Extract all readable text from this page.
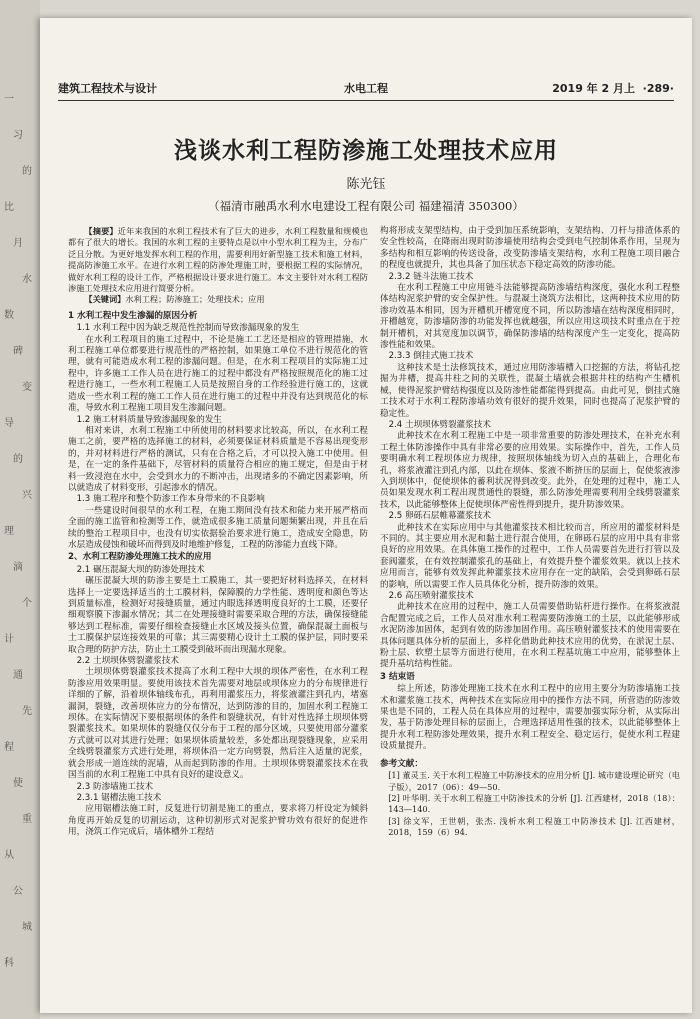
一
习
的
比
月
水
数
碑
变
导
的
兴
理
滴
个
计
通
先
程
使
重
从
公
城
科
建筑工程技术与设计	水电工程	2019 年 2 月上 ·289·
浅谈水利工程防渗施工处理技术应用
陈光钰
（福清市融禹水利水电建设工程有限公司 福建福清 350300）

【摘要】近年来我国的水利工程技术有了巨大的进步，水利工程数量和规模也都有了很大的增长。我国的水利工程的主要特点是以中小型水利工程为主，分布广泛且分散。为更好地发挥水利工程的作用，需要利用好新型施工技术和施工材料，提高防渗施工水平。在进行水利工程的防渗处理施工时，要根据工程的实际情况，做好水利工程的设计工作，严格根据设计要求进行施工。本文主要针对水利工程防渗施工处理技术应用进行简要分析。

【关键词】水利工程；防渗施工；处理技术；应用

1 水利工程中发生渗漏的原因分析
1.1 水利工程中因为缺乏规范性控制而导致渗漏现象的发生

在水利工程项目的施工过程中，不论是施工工艺还是相应的管理措施，水利工程施工单位都要进行规范性的严格控制，如果施工单位不进行规范化的管理，就有可能造成水利工程的渗漏问题。但是，在水利工程项目的实际施工过程中，许多施工工作人员在进行施工的过程中都没有严格按照规范化的施工过程进行施工，一些水利工程施工人员是按照自身的工作经验进行施工的，这就造成一些水利工程的施工工作人员在进行施工的过程中并没有达到规范化的标准，导致水利工程施工项目发生渗漏问题。

1.2 施工材料质量导致渗漏现象的发生

相对来讲，水利工程施工中所使用的材料要求比较高，所以，在水利工程施工之前，要严格的选择施工的材料，必须要保证材料质量是不容易出现变形的，并对材料进行严格的测试，只有在合格之后，才可以投入施工中使用。但是，在一定的条件基础下，尽管材料的质量符合相应的施工规定，但是由于材料一致浸泡在水中，会受到水力的不断冲击，出现诸多的不确定因素影响，所以就造成了材料变形，引起渗水的情况。

1.3 施工程序和整个防渗工作本身带来的不良影响

一些建设时间很早的水利工程，在施工期间没有技术和能力来开展严格而全面的施工监管和检测等工作，就造成很多施工质量问题频繁出现，并且在后续的整治工程项目中，也没有切实依据验治要求进行施工，造成安全隐患，防水层造成侵蚀和破坏而得到及时地维护修复，工程的防渗能力直线下降。

2、水利工程防渗处理施工技术的应用
2.1 碾压混凝大坝的防渗处理技术

碾压混凝大坝的防渗主要是土工膜施工，其一要把好材料选择关，在材料选择上一定要选择适当的土工膜材料，保障膜的力学性能、透明度和颜色等达到质量标准，检测好对接缝质量，通过内眼选择透明度良好的土工膜，还要仔细观察膜下渗漏水情况；其二在处理接缝时需要采取合理的方法，确保接缝能够达到工程标准，需要仔细检查接缝止水区域及接头位置，确保混凝土面板与土工膜保护层连接效果的可靠；其三需要精心设计土工膜的保护层，同时要采取合理的防护方法，防止土工膜受到破坏而出现漏水现象。

2.2 土坝坝体劈裂灌浆技术

土坝坝体劈裂灌浆技术提高了水利工程中大坝的坝体严密性，在水利工程防渗应用效果明显。要使用该技术首先需要对地层或坝体应力的分布规律进行详细的了解，沿着坝体轴线布孔，再利用灌浆压力，将浆液灌注到孔内，堵塞漏洞，裂缝，改善坝体应力的分布情况，达到防渗的目的，加固水利工程施工坝体。在实际情况下要根据坝体的条件和裂缝状况，有针对性选择土坝坝体劈裂灌浆技术。如果坝体的裂缝仅仅分布于工程的部分区域，只要使用部分灌浆方式就可以对其进行处理；如果坝体质量较差，多处都出现裂缝现象，应采用全线劈裂灌浆方式进行处理，将坝体沿一定方向劈裂，然后注入适量的泥浆，就会形成一道连续的泥墙，从而起到防渗的作用。土坝坝体劈裂灌浆技术在我国当前的水利工程施工中具有良好的建设意义。

2.3 防渗墙施工技术
2.3.1 锯槽法施工技术

应用锯槽法施工时，反复进行切割是施工的重点，要求将刀杆设定为倾斜角度再开始反复的切割运动，这种切割形式对泥浆护臂功效有很好的促进作用，浇筑工作完成后，墙体槽外工程结

构将形成支架型结构，由于受到加压系统影响，支架结构、刀杆与排渣体系的安全性较高，在降雨出现时防渗墙使用结构会受到电气控制体系作用，呈现为多结构和相互影响的传送设备，改变防渗墙支架结构，水利工程施工项目融合的程度也就提升，其也具备了加压状态下稳定高效的防渗功能。

2.3.2 链斗法施工技术

在水利工程施工中应用链斗法能够提高防渗墙结构深度，强化水利工程整体结构泥浆护臂的安全保护性。与混凝土浇筑方法相比，这两种技术应用的防渗功效基本相同，因为开槽机开槽宽度不同，所以防渗墙在结构深度相同时，开槽越宽，防渗墙防渗的功能发挥也就越强，所以应用这项技术时重点在于控制开槽机，对其宽度加以调节，确保防渗墙的结构深度产生一定变化，提高防渗性能和效果。

2.3.3 倒挂式施工技术

这种技术是土法修筑技术，通过应用防渗墙槽入口挖掘的方法，将钻孔挖掘为井槽，提高井柱之间的关联性，混凝土墙就会根据井柱的结构产生槽机械，使得泥浆护臂结构强度以及防渗性能都能得到提高。由此可见，倒挂式施工技术对于水利工程防渗墙功效有很好的提升效果，同时也提高了泥浆护臂的稳定性。

2.4 土坝坝体劈裂灌浆技术

此种技术在水利工程施工中是一项非常重要的防渗处理技术，在补充水利工程土体防渗操作中具有非常必要的应用效果。实际操作中，首先，工作人员要明确水利工程坝体应力规律，按照坝体轴线为切入点的基础上，合理化布孔，将浆液灌注到孔内部，以此在坝体、浆液不断挤压的层面上，促使浆液渗入到坝体中，促使坝体的蓄利状况得到改变。此外，在处理的过程中，施工人员如果发现水利工程出现贯通性的裂缝，那么防渗处理需要利用全线劈裂灌浆技术，以此能够整体上促使坝体严密性得到提升，提升防渗效果。

2.5 卵砾石层帷幕灌浆技术

此种技术在实际应用中与其他灌浆技术相比较而言，所应用的灌浆材料是不同的。其主要应用水泥和黏土进行混合使用，在卵砾石层的应用中具有非常良好的应用效果。在具体施工操作的过程中，工作人员需要首先进行打管以及套阀灌浆，在有效控制灌浆孔的基础上，有效提升整个灌浆效果。就以上技术应用而言，能够有效发挥此种灌浆技术应用存在一定的缺陷，会受到卵砾石层的影响，所以需要工作人员具体化分析，提升防渗的效果。

2.6 高压喷射灌浆技术

此种技术在应用的过程中，施工人员需要借助钻杆进行操作。在将浆液混合配置完成之后，工作人员对准水利工程需要防渗施工的土层，以此能够形成水泥防渗加固体，起到有效的防渗加固作用。高压喷射灌浆技术的使用需要在具体问题具体分析的层面上，多样化借助此种技术应用的优势，在淤泥土层、粉土层、软塑土层等方面进行使用，在水利工程基坑施工中应用，能够整体上提升基坑结构性能。

3 结束语

综上所述，防渗处理施工技术在水利工程中的应用主要分为防渗墙施工技术和灌浆施工技术，两种技术在实际应用中的操作方法不同，所营造的防渗效果也是不同的，工程人员在具体应用的过程中，需要加强实际分析，从实际出发，基于防渗处理目标的层面上，合理选择适用性强的技术，以此能够整体上提升水利工程防渗处理效果，提升水利工程安全、稳定运行，促使水利工程建设质量提升。

参考文献：

[1] 董灵玉. 关于水利工程施工中防渗技术的应用分析 [J]. 城市建设理论研究（电子版），2017（06）：49—50.

[2] 叶华明. 关于水利工程施工中防渗技术的分析 [J]. 江西建材，2018（18）：143—140.

[3] 徐文军，王世朝，张杰. 浅析水利工程施工中防渗技术 [J]. 江西建材，2018，159（6）94.
